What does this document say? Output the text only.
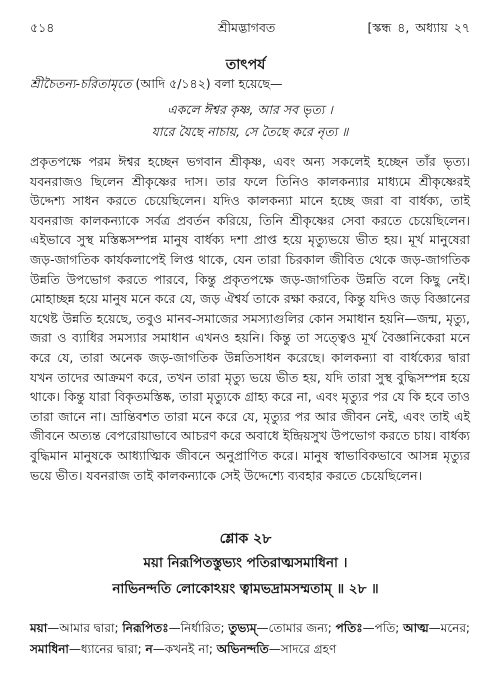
৫১৪	শ্রীমদ্ভাগবত	[স্কন্ধ ৪, অধ্যায় ২৭
তাৎপর্য
শ্রীচৈতন্য-চরিতামৃতে (আদি ৫/১৪২) বলা হয়েছে—
একলে ঈশ্বর কৃষ্ণ, আর সব ভৃত্য ।
যারে যৈছে নাচায়, সে তৈছে করে নৃত্য ॥

প্রকৃতপক্ষে পরম ঈশ্বর হচ্ছেন ভগবান শ্রীকৃষ্ণ, এবং অন্য সকলেই হচ্ছেন তাঁর ভৃত্য। যবনরাজও ছিলেন শ্রীকৃষ্ণের দাস। তার ফলে তিনিও কালকন্যার মাধ্যমে শ্রীকৃষ্ণেরই উদ্দেশ্য সাধন করতে চেয়েছিলেন। যদিও কালকন্যা মানে হচ্ছে জরা বা বার্ধক্য, তাই যবনরাজ কালকন্যাকে সর্বত্র প্রবর্তন করিয়ে, তিনি শ্রীকৃষ্ণের সেবা করতে চেয়েছিলেন। এইভাবে সুস্থ মস্তিষ্কসম্পন্ন মানুষ বার্ধক্য দশা প্রাপ্ত হয়ে মৃত্যুভয়ে ভীত হয়। মূর্খ মানুষেরা জড়-জাগতিক কার্যকলাপেই লিপ্ত থাকে, যেন তারা চিরকাল জীবিত থেকে জড়-জাগতিক উন্নতি উপভোগ করতে পারবে, কিন্তু প্রকৃতপক্ষে জড়-জাগতিক উন্নতি বলে কিছু নেই। মোহাচ্ছন্ন হয়ে মানুষ মনে করে যে, জড় ঐশ্বর্য তাকে রক্ষা করবে, কিন্তু যদিও জড় বিজ্ঞানের যথেষ্ট উন্নতি হয়েছে, তবুও মানব-সমাজের সমস্যাগুলির কোন সমাধান হয়নি—জন্ম, মৃত্যু, জরা ও ব্যাধির সমস্যার সমাধান এখনও হয়নি। কিন্তু তা সত্ত্বেও মূর্খ বৈজ্ঞানিকেরা মনে করে যে, তারা অনেক জড়-জাগতিক উন্নতিসাধন করেছে। কালকন্যা বা বার্ধক্যের দ্বারা যখন তাদের আক্রমণ করে, তখন তারা মৃত্যু ভয়ে ভীত হয়, যদি তারা সুস্থ বুদ্ধিসম্পন্ন হয়ে থাকে। কিন্তু যারা বিকৃতমস্তিষ্ক, তারা মৃত্যুকে গ্রাহ্য করে না, এবং মৃত্যুর পর যে কি হবে তাও তারা জানে না। ভ্রান্তিবশত তারা মনে করে যে, মৃত্যুর পর আর জীবন নেই, এবং তাই এই জীবনে অত্যন্ত বেপরোয়াভাবে আচরণ করে অবাধে ইন্দ্রিয়সুখ উপভোগ করতে চায়। বার্ধক্য বুদ্ধিমান মানুষকে আধ্যাত্মিক জীবনে অনুপ্রাণিত করে। মানুষ স্বাভাবিকভাবে আসন্ন মৃত্যুর ভয়ে ভীত। যবনরাজ তাই কালকন্যাকে সেই উদ্দেশ্যে ব্যবহার করতে চেয়েছিলেন।

শ্লোক ২৮
ময়া নিরূপিতস্তুভ্যং পতিরাত্মসমাধিনা ।
নাভিনন্দতি লোকোঽয়ং ত্বামভদ্রামসম্মতাম্ ॥ ২৮ ॥

ময়া—আমার দ্বারা; নিরূপিতঃ—নির্ধারিত; তুভ্যম্—তোমার জন্য; পতিঃ—পতি; আত্ম—মনের; সমাধিনা—ধ্যানের দ্বারা; ন—কখনই না; অভিনন্দতি—সাদরে গ্রহণ
